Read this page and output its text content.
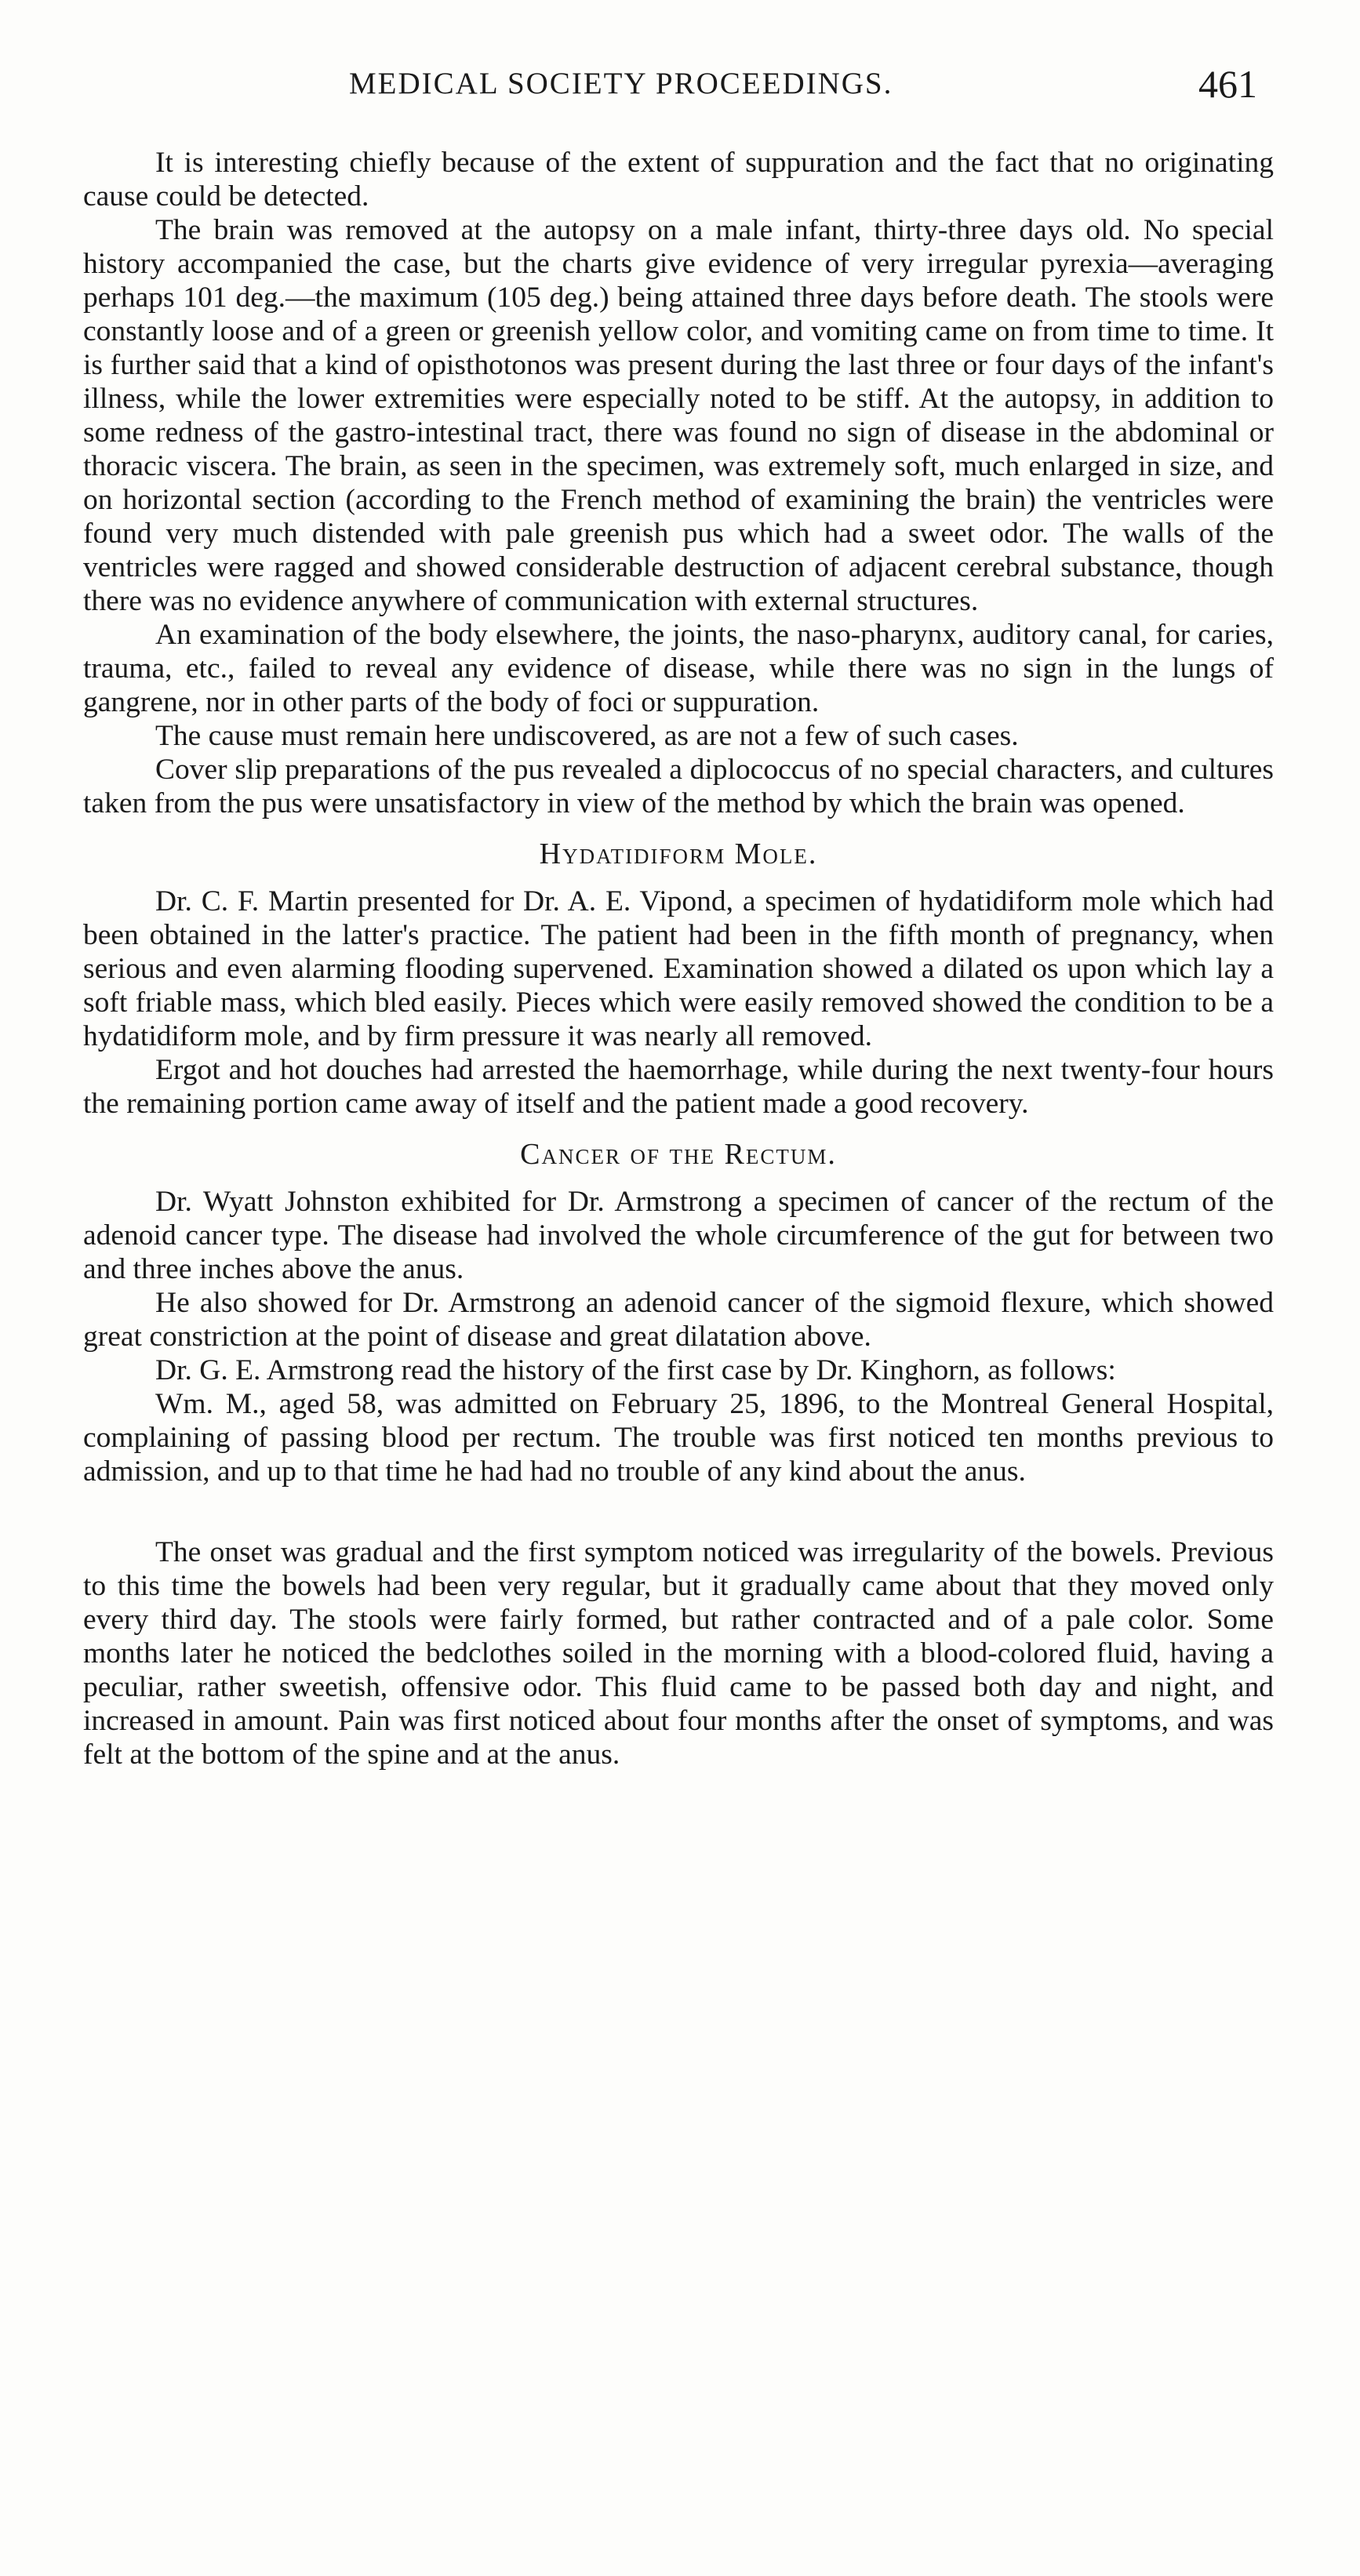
MEDICAL SOCIETY PROCEEDINGS.	461

It is interesting chiefly because of the extent of suppuration and the fact that no originating cause could be detected.

The brain was removed at the autopsy on a male infant, thirty-three days old. No special history accompanied the case, but the charts give evidence of very irregular pyrexia—averaging perhaps 101 deg.—the maximum (105 deg.) being attained three days before death. The stools were constantly loose and of a green or greenish yellow color, and vomiting came on from time to time. It is further said that a kind of opisthotonos was present during the last three or four days of the infant's illness, while the lower extremities were especially noted to be stiff. At the autopsy, in addition to some redness of the gastro-intestinal tract, there was found no sign of disease in the abdominal or thoracic viscera. The brain, as seen in the specimen, was extremely soft, much enlarged in size, and on horizontal section (according to the French method of examining the brain) the ventricles were found very much distended with pale greenish pus which had a sweet odor. The walls of the ventricles were ragged and showed considerable destruction of adjacent cerebral substance, though there was no evidence anywhere of communication with external structures.

An examination of the body elsewhere, the joints, the naso-pharynx, auditory canal, for caries, trauma, etc., failed to reveal any evidence of disease, while there was no sign in the lungs of gangrene, nor in other parts of the body of foci or suppuration.

The cause must remain here undiscovered, as are not a few of such cases.

Cover slip preparations of the pus revealed a diplococcus of no special characters, and cultures taken from the pus were unsatisfactory in view of the method by which the brain was opened.

Hydatidiform Mole.

Dr. C. F. Martin presented for Dr. A. E. Vipond, a specimen of hydatidiform mole which had been obtained in the latter's practice. The patient had been in the fifth month of pregnancy, when serious and even alarming flooding supervened. Examination showed a dilated os upon which lay a soft friable mass, which bled easily. Pieces which were easily removed showed the condition to be a hydatidiform mole, and by firm pressure it was nearly all removed.

Ergot and hot douches had arrested the haemorrhage, while during the next twenty-four hours the remaining portion came away of itself and the patient made a good recovery.

Cancer of the Rectum.

Dr. Wyatt Johnston exhibited for Dr. Armstrong a specimen of cancer of the rectum of the adenoid cancer type. The disease had involved the whole circumference of the gut for between two and three inches above the anus.

He also showed for Dr. Armstrong an adenoid cancer of the sigmoid flexure, which showed great constriction at the point of disease and great dilatation above.

Dr. G. E. Armstrong read the history of the first case by Dr. Kinghorn, as follows:

Wm. M., aged 58, was admitted on February 25, 1896, to the Montreal General Hospital, complaining of passing blood per rectum. The trouble was first noticed ten months previous to admission, and up to that time he had had no trouble of any kind about the anus.

The onset was gradual and the first symptom noticed was irregularity of the bowels. Previous to this time the bowels had been very regular, but it gradually came about that they moved only every third day. The stools were fairly formed, but rather contracted and of a pale color. Some months later he noticed the bedclothes soiled in the morning with a blood-colored fluid, having a peculiar, rather sweetish, offensive odor. This fluid came to be passed both day and night, and increased in amount. Pain was first noticed about four months after the onset of symptoms, and was felt at the bottom of the spine and at the anus.
